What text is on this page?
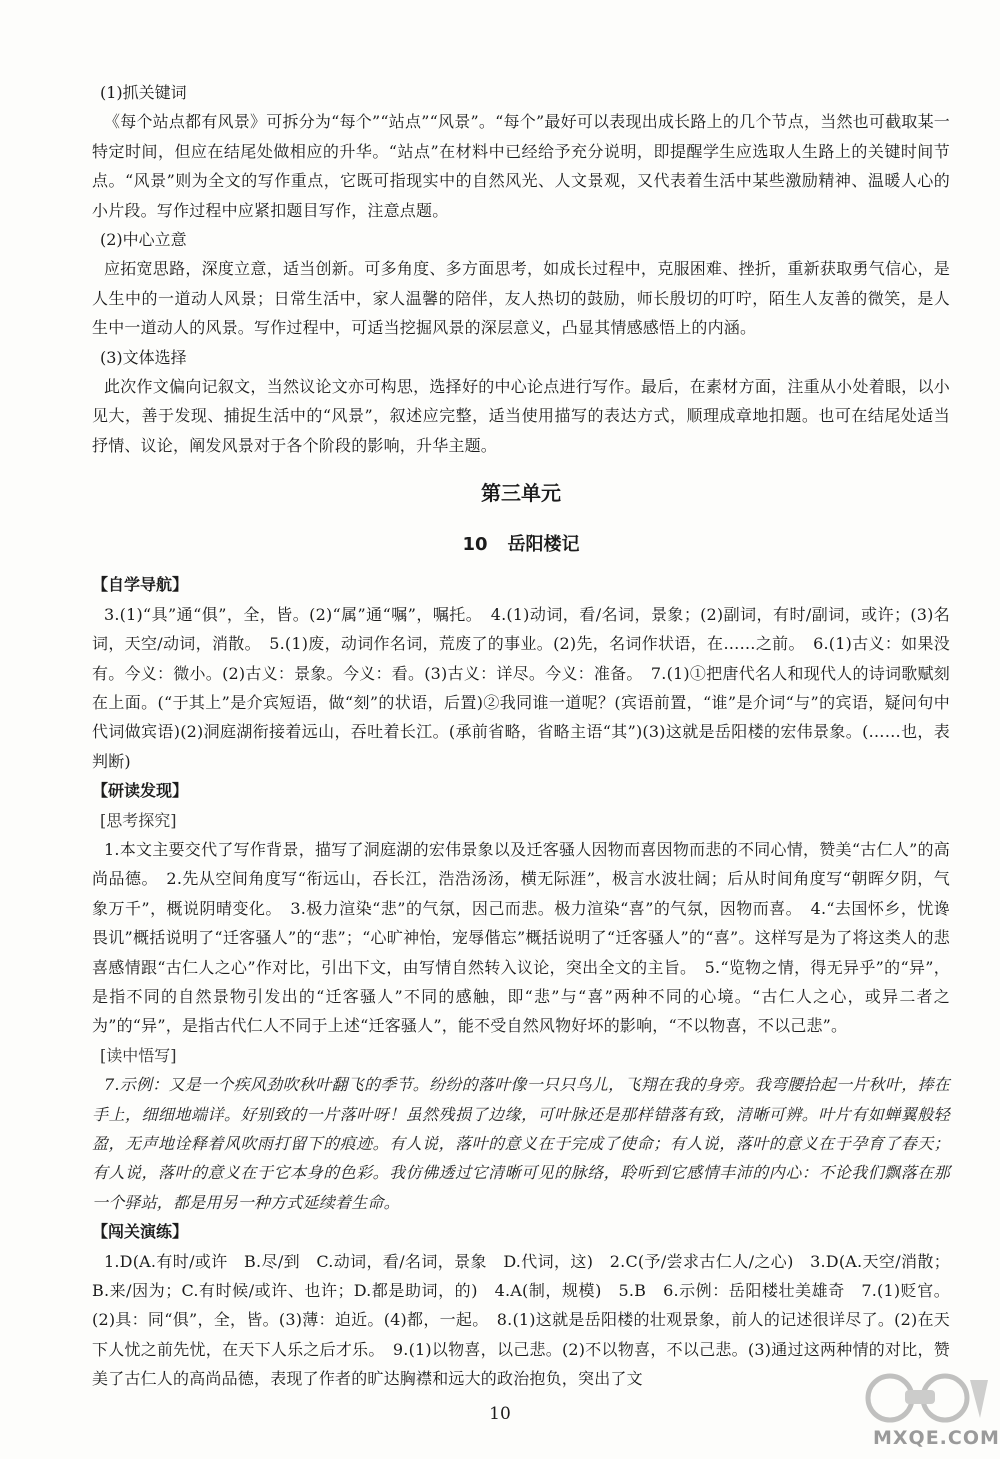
(1)抓关键词

《每个站点都有风景》可拆分为“每个”“站点”“风景”。“每个”最好可以表现出成长路上的几个节点，当然也可截取某一特定时间，但应在结尾处做相应的升华。“站点”在材料中已经给予充分说明，即提醒学生应选取人生路上的关键时间节点。“风景”则为全文的写作重点，它既可指现实中的自然风光、人文景观，又代表着生活中某些激励精神、温暖人心的小片段。写作过程中应紧扣题目写作，注意点题。

(2)中心立意

应拓宽思路，深度立意，适当创新。可多角度、多方面思考，如成长过程中，克服困难、挫折，重新获取勇气信心，是人生中的一道动人风景；日常生活中，家人温馨的陪伴，友人热切的鼓励，师长殷切的叮咛，陌生人友善的微笑，是人生中一道动人的风景。写作过程中，可适当挖掘风景的深层意义，凸显其情感感悟上的内涵。

(3)文体选择

此次作文偏向记叙文，当然议论文亦可构思，选择好的中心论点进行写作。最后，在素材方面，注重从小处着眼，以小见大，善于发现、捕捉生活中的“风景”，叙述应完整，适当使用描写的表达方式，顺理成章地扣题。也可在结尾处适当抒情、议论，阐发风景对于各个阶段的影响，升华主题。

第三单元
10 岳阳楼记

【自学导航】

3.(1)“具”通“俱”，全，皆。(2)“属”通“嘱”，嘱托。　4.(1)动词，看/名词，景象；(2)副词，有时/副词，或许；(3)名词，天空/动词，消散。　5.(1)废，动词作名词，荒废了的事业。(2)先，名词作状语，在……之前。　6.(1)古义：如果没有。今义：微小。(2)古义：景象。今义：看。(3)古义：详尽。今义：准备。　7.(1)①把唐代名人和现代人的诗词歌赋刻在上面。(“于其上”是介宾短语，做“刻”的状语，后置)②我同谁一道呢？(宾语前置，“谁”是介词“与”的宾语，疑问句中代词做宾语)(2)洞庭湖衔接着远山，吞吐着长江。(承前省略，省略主语“其”)(3)这就是岳阳楼的宏伟景象。(……也，表判断)

【研读发现】

[思考探究]

1.本文主要交代了写作背景，描写了洞庭湖的宏伟景象以及迁客骚人因物而喜因物而悲的不同心情，赞美“古仁人”的高尚品德。　2.先从空间角度写“衔远山，吞长江，浩浩汤汤，横无际涯”，极言水波壮阔；后从时间角度写“朝晖夕阴，气象万千”，概说阴晴变化。　3.极力渲染“悲”的气氛，因己而悲。极力渲染“喜”的气氛，因物而喜。　4.“去国怀乡，忧谗畏讥”概括说明了“迁客骚人”的“悲”；“心旷神怡，宠辱偕忘”概括说明了“迁客骚人”的“喜”。这样写是为了将这类人的悲喜感情跟“古仁人之心”作对比，引出下文，由写情自然转入议论，突出全文的主旨。　5.“览物之情，得无异乎”的“异”，是指不同的自然景物引发出的“迁客骚人”不同的感触，即“悲”与“喜”两种不同的心境。“古仁人之心，或异二者之为”的“异”，是指古代仁人不同于上述“迁客骚人”，能不受自然风物好坏的影响，“不以物喜，不以己悲”。

[读中悟写]

7.示例：又是一个疾风劲吹秋叶翻飞的季节。纷纷的落叶像一只只鸟儿，飞翔在我的身旁。我弯腰拾起一片秋叶，捧在手上，细细地端详。好别致的一片落叶呀！虽然残损了边缘，可叶脉还是那样错落有致，清晰可辨。叶片有如蝉翼般轻盈，无声地诠释着风吹雨打留下的痕迹。有人说，落叶的意义在于完成了使命；有人说，落叶的意义在于孕育了春天；有人说，落叶的意义在于它本身的色彩。我仿佛透过它清晰可见的脉络，聆听到它感情丰沛的内心：不论我们飘落在那一个驿站，都是用另一种方式延续着生命。

【闯关演练】

1.D(A.有时/或许　B.尽/到　C.动词，看/名词，景象　D.代词，这)　2.C(予/尝求古仁人/之心)　3.D(A.天空/消散；B.来/因为；C.有时候/或许、也许；D.都是助词，的)　4.A(制，规模)　5.B　6.示例：岳阳楼壮美雄奇　7.(1)贬官。(2)具：同“俱”，全，皆。(3)薄：迫近。(4)都，一起。　8.(1)这就是岳阳楼的壮观景象，前人的记述很详尽了。(2)在天下人忧之前先忧，在天下人乐之后才乐。　9.(1)以物喜，以己悲。(2)不以物喜，不以己悲。(3)通过这两种情的对比，赞美了古仁人的高尚品德，表现了作者的旷达胸襟和远大的政治抱负，突出了文

10
MXQE.COM
